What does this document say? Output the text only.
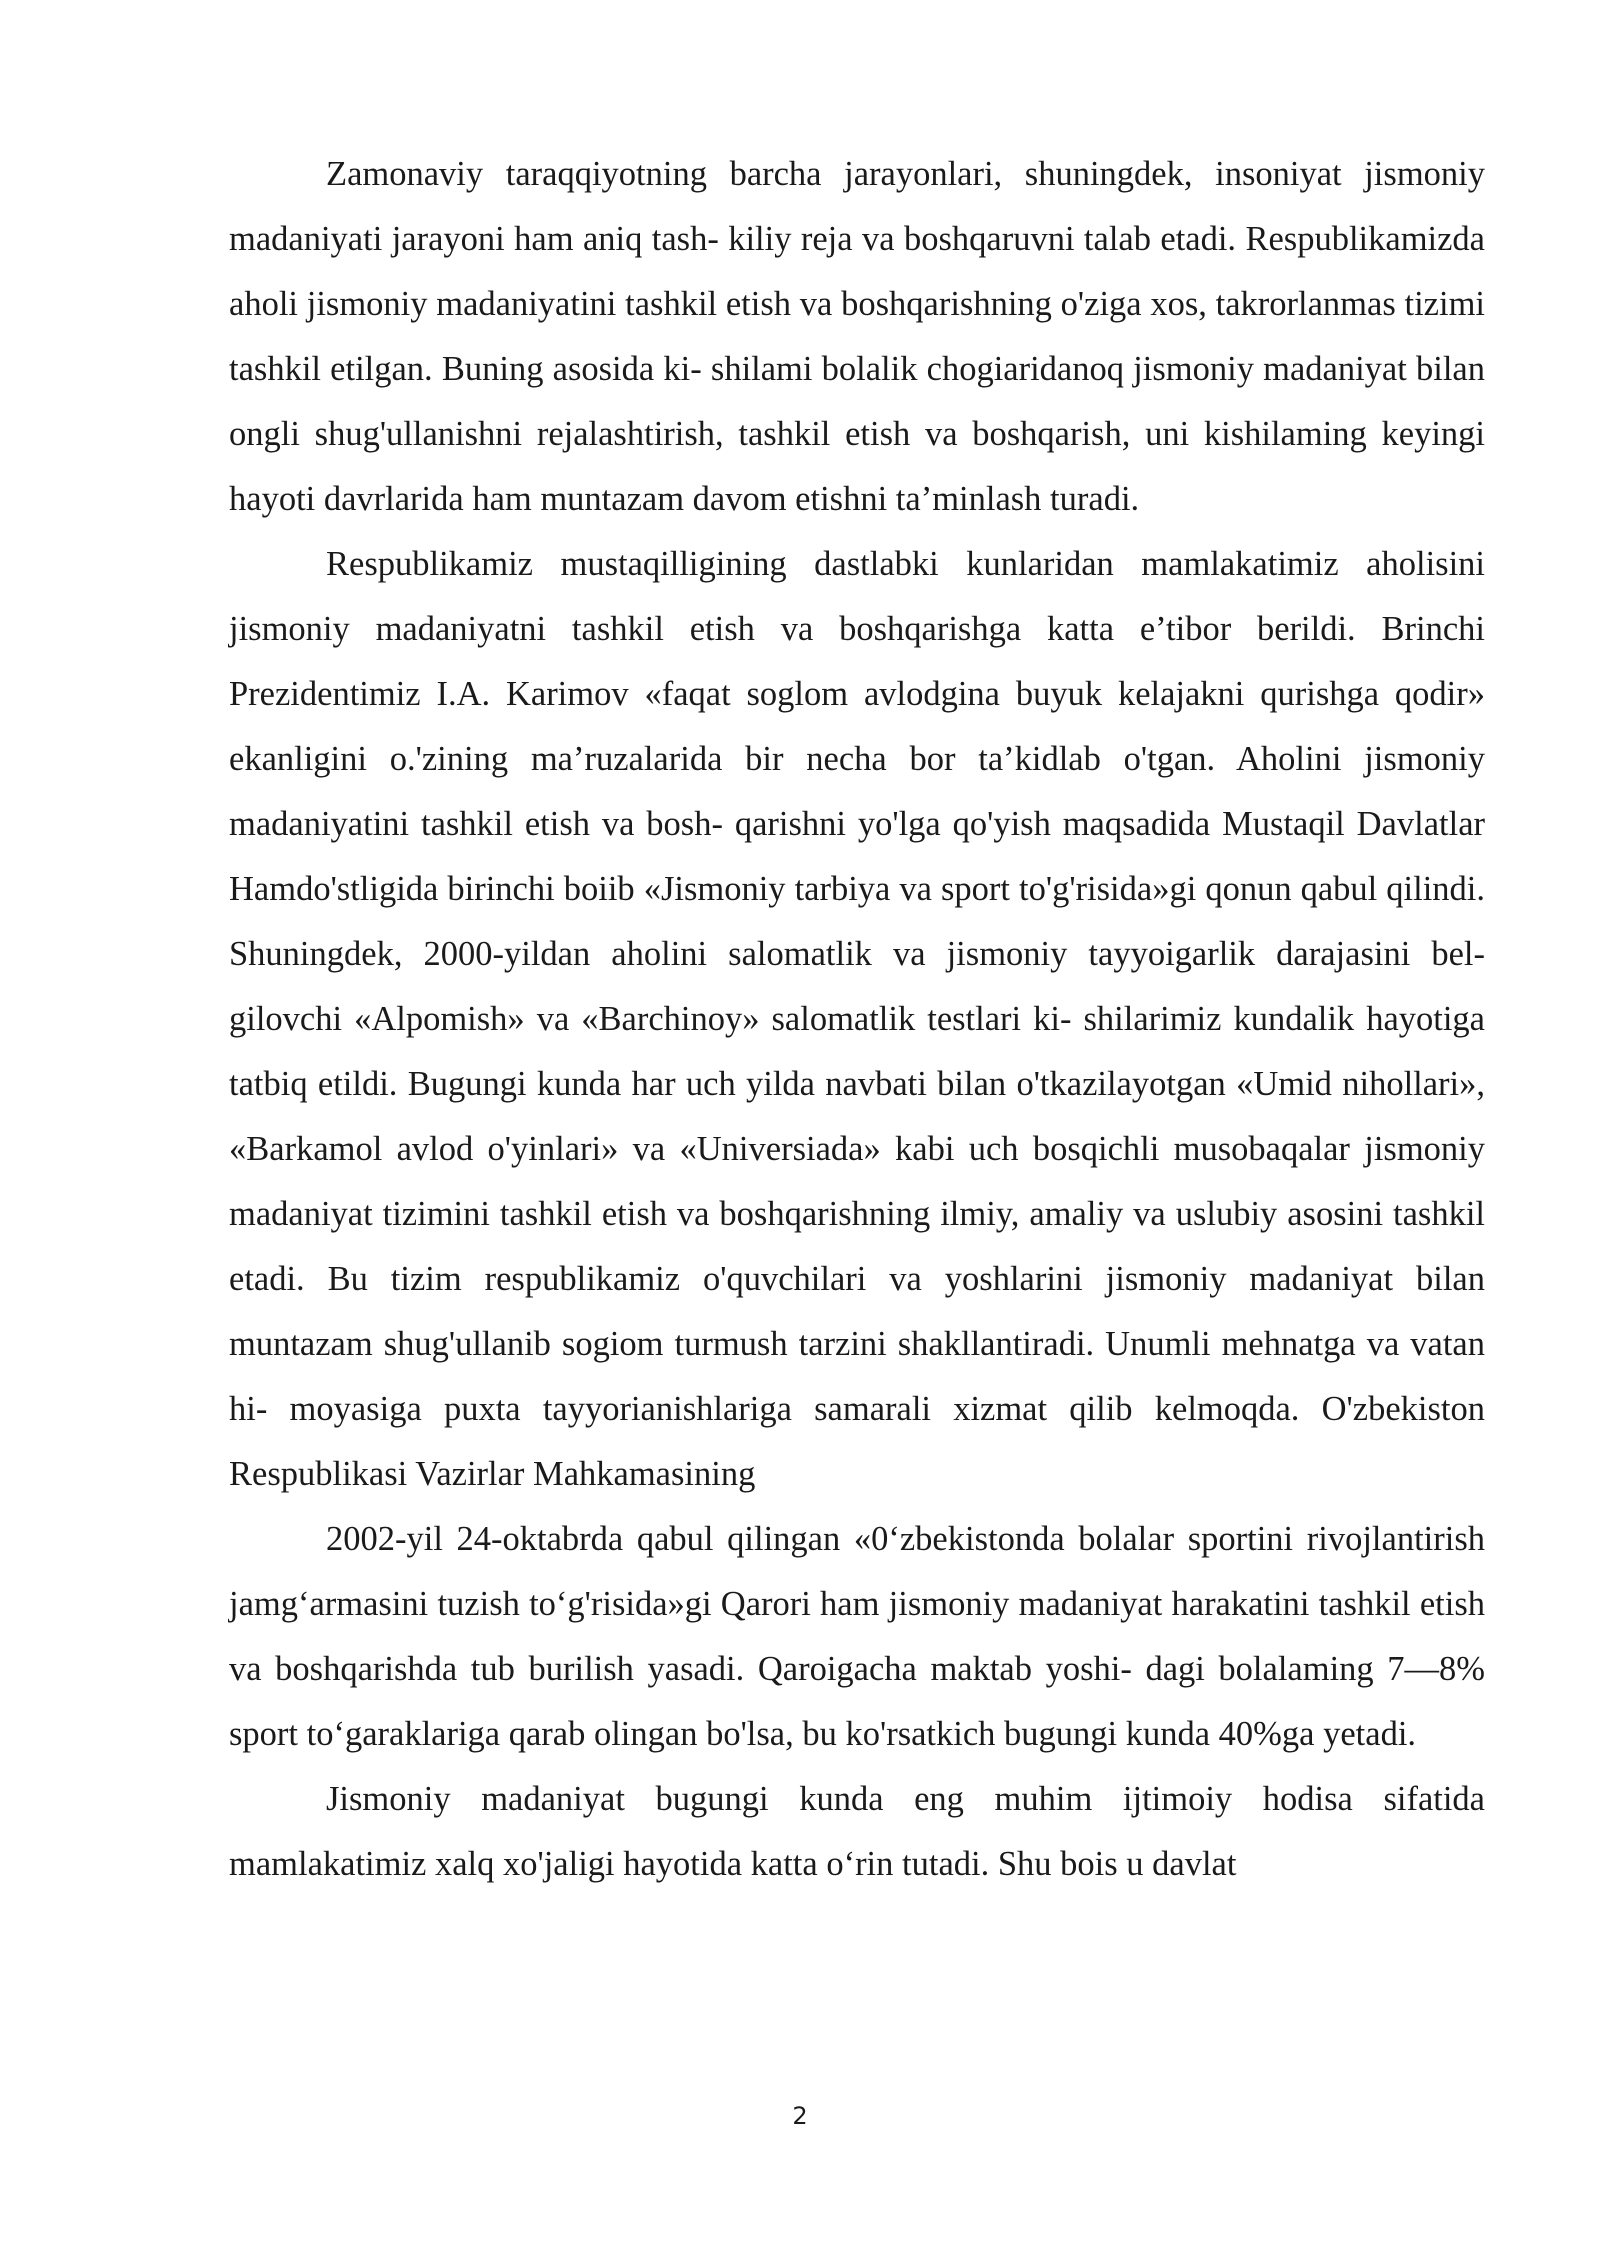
Zamonaviy taraqqiyotning barcha jarayonlari, shuningdek, insoniyat jismoniy madaniyati jarayoni ham aniq tash- kiliy reja va boshqaruvni talab etadi. Respublikamizda aholi jismoniy madaniyatini tashkil etish va boshqarishning o'ziga xos, takrorlanmas tizimi tashkil etilgan. Buning asosida ki- shilami bolalik chogiaridanoq jismoniy madaniyat bilan ongli shug'ullanishni rejalashtirish, tashkil etish va boshqarish, uni kishilaming keyingi hayoti davrlarida ham muntazam davom etishni ta’minlash turadi.

Respublikamiz mustaqilligining dastlabki kunlaridan mamlakatimiz aholisini jismoniy madaniyatni tashkil etish va boshqarishga katta e’tibor berildi. Brinchi Prezidentimiz I.A. Karimov «faqat soglom avlodgina buyuk kelajakni qurishga qodir» ekanligini o.'zining ma’ruzalarida bir necha bor ta’kidlab o'tgan. Aholini jismoniy madaniyatini tashkil etish va bosh- qarishni yo'lga qo'yish maqsadida Mustaqil Davlatlar Hamdo'stligida birinchi boiib «Jismoniy tarbiya va sport to'g'risida»gi qonun qabul qilindi. Shuningdek, 2000-yildan aholini salomatlik va jismoniy tayyoigarlik darajasini bel- gilovchi «Alpomish» va «Barchinoy» salomatlik testlari ki- shilarimiz kundalik hayotiga tatbiq etildi. Bugungi kunda har uch yilda navbati bilan o'tkazilayotgan «Umid nihollari», «Barkamol avlod o'yinlari» va «Universiada» kabi uch bosqichli musobaqalar jismoniy madaniyat tizimini tashkil etish va boshqarishning ilmiy, amaliy va uslubiy asosini tashkil etadi. Bu tizim respublikamiz o'quvchilari va yoshlarini jismoniy madaniyat bilan muntazam shug'ullanib sogiom turmush tarzini shakllantiradi. Unumli mehnatga va vatan hi- moyasiga puxta tayyorianishlariga samarali xizmat qilib kelmoqda. O'zbekiston Respublikasi Vazirlar Mahkamasining

2002-yil 24-oktabrda qabul qilingan «0‘zbekistonda bolalar sportini rivojlantirish jamg‘armasini tuzish to‘g'risida»gi Qarori ham jismoniy madaniyat harakatini tashkil etish va boshqarishda tub burilish yasadi. Qaroigacha maktab yoshi- dagi bolalaming 7—8% sport to‘garaklariga qarab olingan bo'lsa, bu ko'rsatkich bugungi kunda 40%ga yetadi.

Jismoniy madaniyat bugungi kunda eng muhim ijtimoiy hodisa sifatida mamlakatimiz xalq xo'jaligi hayotida katta o‘rin tutadi. Shu bois u davlat

2
